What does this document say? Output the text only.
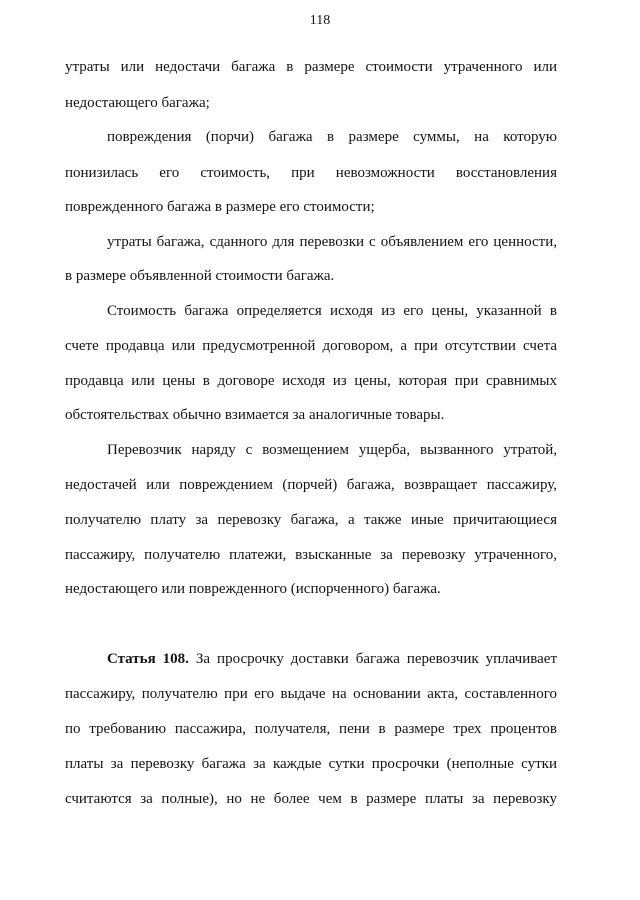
118
утраты или недостачи багажа в размере стоимости утраченного или
недостающего багажа;
повреждения (порчи) багажа в размере суммы, на которую
понизилась его стоимость, при невозможности восстановления
поврежденного багажа в размере его стоимости;
утраты багажа, сданного для перевозки с объявлением его ценности,
в размере объявленной стоимости багажа.
Стоимость багажа определяется исходя из его цены, указанной в
счете продавца или предусмотренной договором, а при отсутствии счета
продавца или цены в договоре исходя из цены, которая при сравнимых
обстоятельствах обычно взимается за аналогичные товары.
Перевозчик наряду с возмещением ущерба, вызванного утратой,
недостачей или повреждением (порчей) багажа, возвращает пассажиру,
получателю плату за перевозку багажа, а также иные причитающиеся
пассажиру, получателю платежи, взысканные за перевозку утраченного,
недостающего или поврежденного (испорченного) багажа.
Статья 108. За просрочку доставки багажа перевозчик уплачивает
пассажиру, получателю при его выдаче на основании акта, составленного
по требованию пассажира, получателя, пени в размере трех процентов
платы за перевозку багажа за каждые сутки просрочки (неполные сутки
считаются за полные), но не более чем в размере платы за перевозку
